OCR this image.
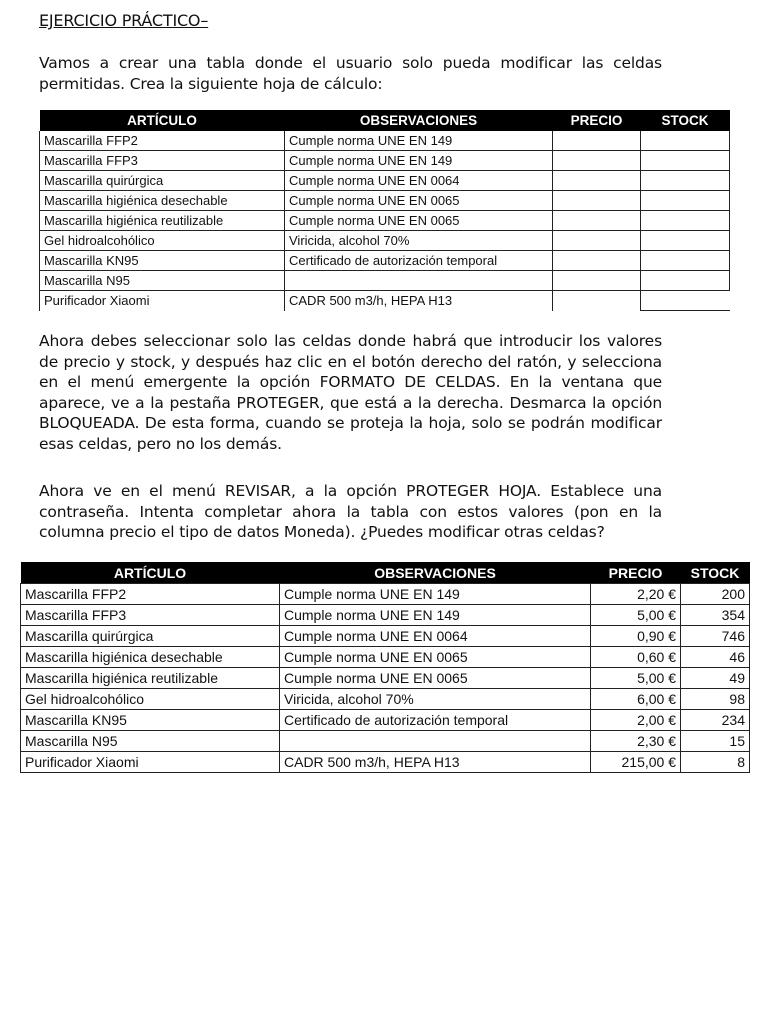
EJERCICIO PRÁCTICO–
Vamos a crear una tabla donde el usuario solo pueda modificar las celdas permitidas. Crea la siguiente hoja de cálculo:
ARTÍCULO	OBSERVACIONES	PRECIO	STOCK
Mascarilla FFP2	Cumple norma UNE EN 149		
Mascarilla FFP3	Cumple norma UNE EN 149		
Mascarilla quirúrgica	Cumple norma UNE EN 0064		
Mascarilla higiénica desechable	Cumple norma UNE EN 0065		
Mascarilla higiénica reutilizable	Cumple norma UNE EN 0065		
Gel hidroalcohólico	Viricida, alcohol 70%		
Mascarilla KN95	Certificado de autorización temporal		
Mascarilla N95			
Purificador Xiaomi	CADR 500 m3/h, HEPA H13		
Ahora debes seleccionar solo las celdas donde habrá que introducir los valores de precio y stock, y después haz clic en el botón derecho del ratón, y selecciona en el menú emergente la opción FORMATO DE CELDAS. En la ventana que aparece, ve a la pestaña PROTEGER, que está a la derecha. Desmarca la opción BLOQUEADA. De esta forma, cuando se proteja la hoja, solo se podrán modificar esas celdas, pero no los demás.
Ahora ve en el menú REVISAR, a la opción PROTEGER HOJA. Establece una contraseña. Intenta completar ahora la tabla con estos valores (pon en la columna precio el tipo de datos Moneda). ¿Puedes modificar otras celdas?
ARTÍCULO	OBSERVACIONES	PRECIO	STOCK
Mascarilla FFP2	Cumple norma UNE EN 149	2,20 €	200
Mascarilla FFP3	Cumple norma UNE EN 149	5,00 €	354
Mascarilla quirúrgica	Cumple norma UNE EN 0064	0,90 €	746
Mascarilla higiénica desechable	Cumple norma UNE EN 0065	0,60 €	46
Mascarilla higiénica reutilizable	Cumple norma UNE EN 0065	5,00 €	49
Gel hidroalcohólico	Viricida, alcohol 70%	6,00 €	98
Mascarilla KN95	Certificado de autorización temporal	2,00 €	234
Mascarilla N95		2,30 €	15
Purificador Xiaomi	CADR 500 m3/h, HEPA H13	215,00 €	8
